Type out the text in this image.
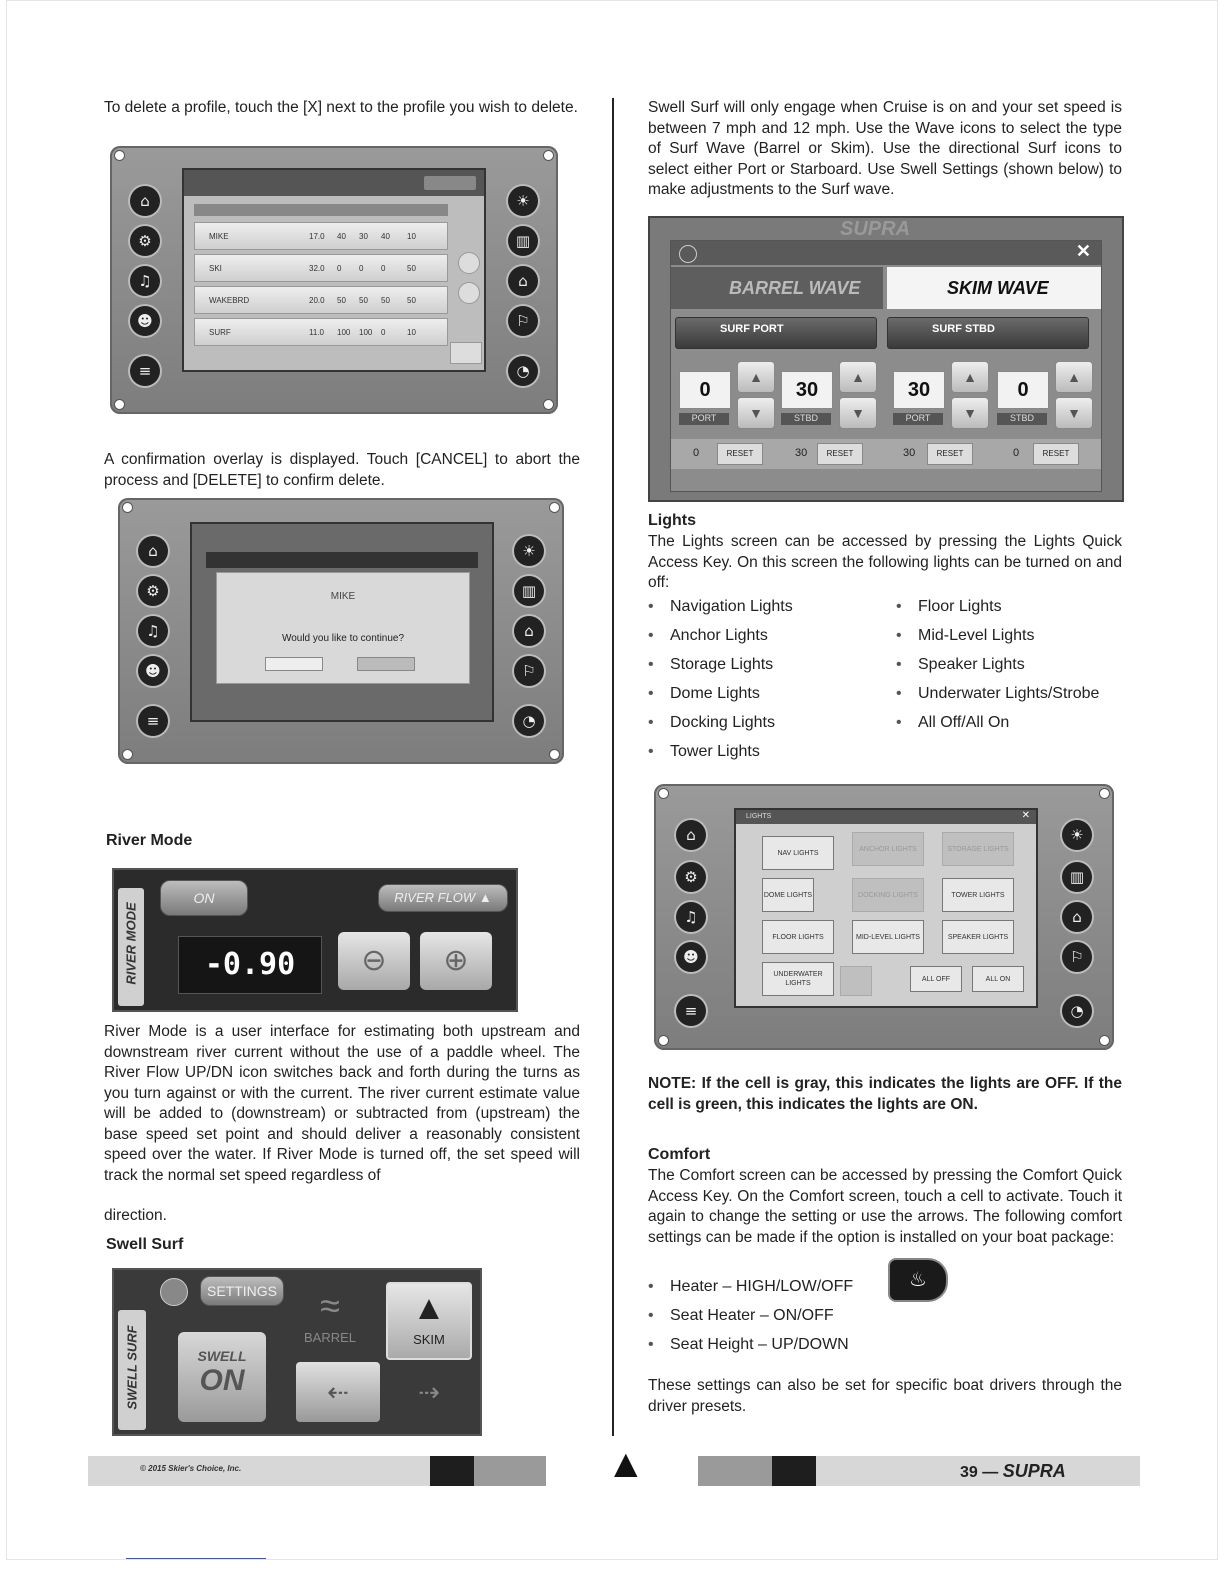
To delete a profile, touch the [X] next to the profile you wish to delete.

⌂
⚙
♫
☻
≡
☀
▥
⌂
⚐
◔
MIKE	17.0	40	30	40	10
SKI	32.0	0	0	0	50
WAKEBRD	20.0	50	50	50	50
SURF	11.0	100	100	0	10

A confirmation overlay is displayed. Touch [CANCEL] to abort the process and [DELETE] to confirm delete.

⌂
⚙
♫
☻
≡
☀
▥
⌂
⚐
◔
MIKE
Would you like to continue?

River Mode

RIVER MODE
ON	RIVER FLOW ▲
-0.90	⊖	⊕

River Mode is a user interface for estimating both upstream and downstream river current without the use of a paddle wheel. The River Flow UP/DN icon switches back and forth during the turns as you turn against or with the current. The river current estimate value will be added to (downstream) or subtracted from (upstream) the base speed set point and should deliver a reasonably consistent speed over the water. If River Mode is turned off, the set speed will track the normal set speed regardless of

direction.

Swell Surf

SWELL SURF
SETTINGS
SWELL
ON
≈
BARREL
▲
SKIM
⇠	⇢

Swell Surf will only engage when Cruise is on and your set speed is between 7 mph and 12 mph. Use the Wave icons to select the type of Surf Wave (Barrel or Skim). Use the directional Surf icons to select either Port or Starboard. Use Swell Settings (shown below) to make adjustments to the Surf wave.

SUPRA
✕
BARREL WAVE	SKIM WAVE
SURF PORT	SURF STBD
0
PORT
▲
▼
30
STBD
▲
▼
30
PORT
▲
▼
0
STBD
▲
▼
0	RESET	30	RESET	30	RESET	0	RESET

Lights

The Lights screen can be accessed by pressing the Lights Quick Access Key. On this screen the following lights can be turned on and off:

• Navigation Lights
• Anchor Lights
• Storage Lights
• Dome Lights
• Docking Lights
• Tower Lights
• Floor Lights
• Mid-Level Lights
• Speaker Lights
• Underwater Lights/Strobe
• All Off/All On
⌂
⚙
♫
☻
≡
☀
▥
⌂
⚐
◔
LIGHTS	✕
NAV LIGHTS
ANCHOR LIGHTS	STORAGE LIGHTS
DOME LIGHTS	DOCKING LIGHTS	TOWER LIGHTS
FLOOR LIGHTS	MID-LEVEL LIGHTS	SPEAKER LIGHTS
UNDERWATER LIGHTS
ALL OFF	ALL ON

NOTE: If the cell is gray, this indicates the lights are OFF. If the cell is green, this indicates the lights are ON.

Comfort

The Comfort screen can be accessed by pressing the Comfort Quick Access Key. On the Comfort screen, touch a cell to activate. Touch it again to change the setting or use the arrows. The following comfort settings can be made if the option is installed on your boat package:

• Heater – HIGH/LOW/OFF
• Seat Heater – ON/OFF
• Seat Height – UP/DOWN
♨

These settings can also be set for specific boat drivers through the driver presets.

© 2015 Skier's Choice, Inc.	▲	39 — SUPRA
